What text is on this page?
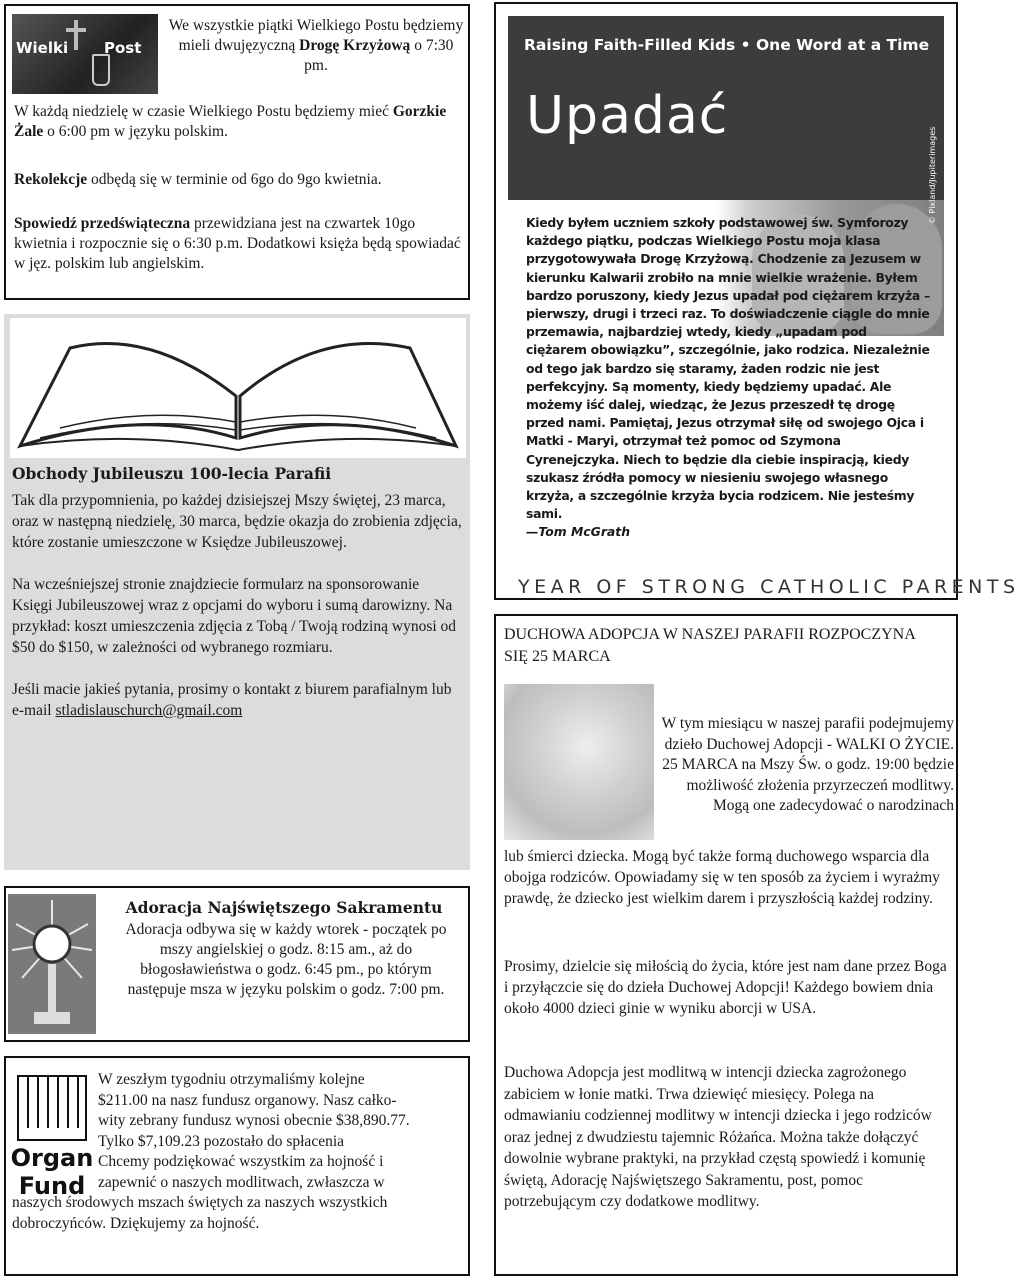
Wielki Post

We wszystkie piątki Wielkiego Postu będziemy mieli dwujęzyczną Drogę Krzyżową o 7:30 pm.

W każdą niedzielę w czasie Wielkiego Postu będziemy mieć Gorzkie Żale o 6:00 pm w języku polskim.

Rekolekcje odbędą się w terminie od 6go do 9go kwietnia.

Spowiedź przedświąteczna przewidziana jest na czwartek 10go kwietnia i rozpocznie się o 6:30 p.m. Dodatkowi księża będą spowiadać w jęz. polskim lub angielskim.

Obchody Jubileuszu 100-lecia Parafii

Tak dla przypomnienia, po każdej dzisiejszej Mszy świętej, 23 marca, oraz w następną niedzielę, 30 marca, będzie okazja do zrobienia zdjęcia, które zostanie umieszczone w Księdze Jubileuszowej.

Na wcześniejszej stronie znajdziecie formularz na sponsorowanie Księgi Jubileuszowej wraz z opcjami do wyboru i sumą darowizny. Na przykład: koszt umieszczenia zdjęcia z Tobą / Twoją rodziną wynosi od $50 do $150, w zależności od wybranego rozmiaru.

Jeśli macie jakieś pytania, prosimy o kontakt z biurem parafialnym lub e-mail stladislauschurch@gmail.com

Adoracja Najświętszego Sakramentu

Adoracja odbywa się w każdy wtorek - początek po mszy angielskiej o godz. 8:15 am., aż do błogosławieństwa o godz. 6:45 pm., po którym następuje msza w języku polskim o godz. 7:00 pm.

Organ
Fund

W zeszłym tygodniu otrzymaliśmy kolejne

$211.00 na nasz fundusz organowy. Nasz całko-

wity zebrany fundusz wynosi obecnie $38,890.77.

Tylko $7,109.23 pozostało do spłacenia

Chcemy podziękować wszystkim za hojność i

zapewnić o naszych modlitwach, zwłaszcza w

naszych środowych mszach świętych za naszych wszystkich dobroczyńców. Dziękujemy za hojność.

Raising Faith-Filled Kids • One Word at a Time
Upadać
© Pixland/Jupiterimages

Kiedy byłem uczniem szkoły podstawowej św. Symforozy każdego piątku, podczas Wielkiego Postu moja klasa przygotowywała Drogę Krzyżową. Chodzenie za Jezusem w kierunku Kalwarii zrobiło na mnie wielkie wrażenie. Byłem bardzo poruszony, kiedy Jezus upadał pod ciężarem krzyża – pierwszy, drugi i trzeci raz. To doświadczenie ciągle do mnie przemawia, najbardziej wtedy, kiedy „upadam pod ciężarem obowiązku”, szczególnie, jako rodzica. Niezależnie od tego jak bardzo się staramy, żaden rodzic nie jest perfekcyjny. Są momenty, kiedy będziemy upadać. Ale możemy iść dalej, wiedząc, że Jezus przeszedł tę drogę przed nami. Pamiętaj, Jezus otrzymał siłę od swojego Ojca i Matki - Maryi, otrzymał też pomoc od Szymona Cyrenejczyka. Niech to będzie dla ciebie inspiracją, kiedy szukasz źródła pomocy w niesieniu swojego własnego krzyża, a szczególnie krzyża bycia rodzicem. Nie jesteśmy sami.

—Tom McGrath
YEAR OF STRONG CATHOLIC PARENTS
DUCHOWA ADOPCJA W NASZEJ PARAFII ROZPOCZYNA SIĘ 25 MARCA

W tym miesiącu w naszej parafii podejmujemy dzieło Duchowej Adopcji - WALKI O ŻYCIE. 25 MARCA na Mszy Św. o godz. 19:00 będzie możliwość złożenia przyrzeczeń modlitwy. Mogą one zadecydować o narodzinach

lub śmierci dziecka. Mogą być także formą duchowego wsparcia dla obojga rodziców. Opowiadamy się w ten sposób za życiem i wyrażmy prawdę, że dziecko jest wielkim darem i przyszłością każdej rodziny.

Prosimy, dzielcie się miłością do życia, które jest nam dane przez Boga i przyłączcie się do dzieła Duchowej Adopcji! Każdego bowiem dnia około 4000 dzieci ginie w wyniku aborcji w USA.

Duchowa Adopcja jest modlitwą w intencji dziecka zagrożonego zabiciem w łonie matki. Trwa dziewięć miesięcy. Polega na odmawianiu codziennej modlitwy w intencji dziecka i jego rodziców oraz jednej z dwudziestu tajemnic Różańca. Można także dołączyć dowolnie wybrane praktyki, na przykład częstą spowiedź i komunię świętą, Adorację Najświętszego Sakramentu, post, pomoc potrzebującym czy dodatkowe modlitwy.
